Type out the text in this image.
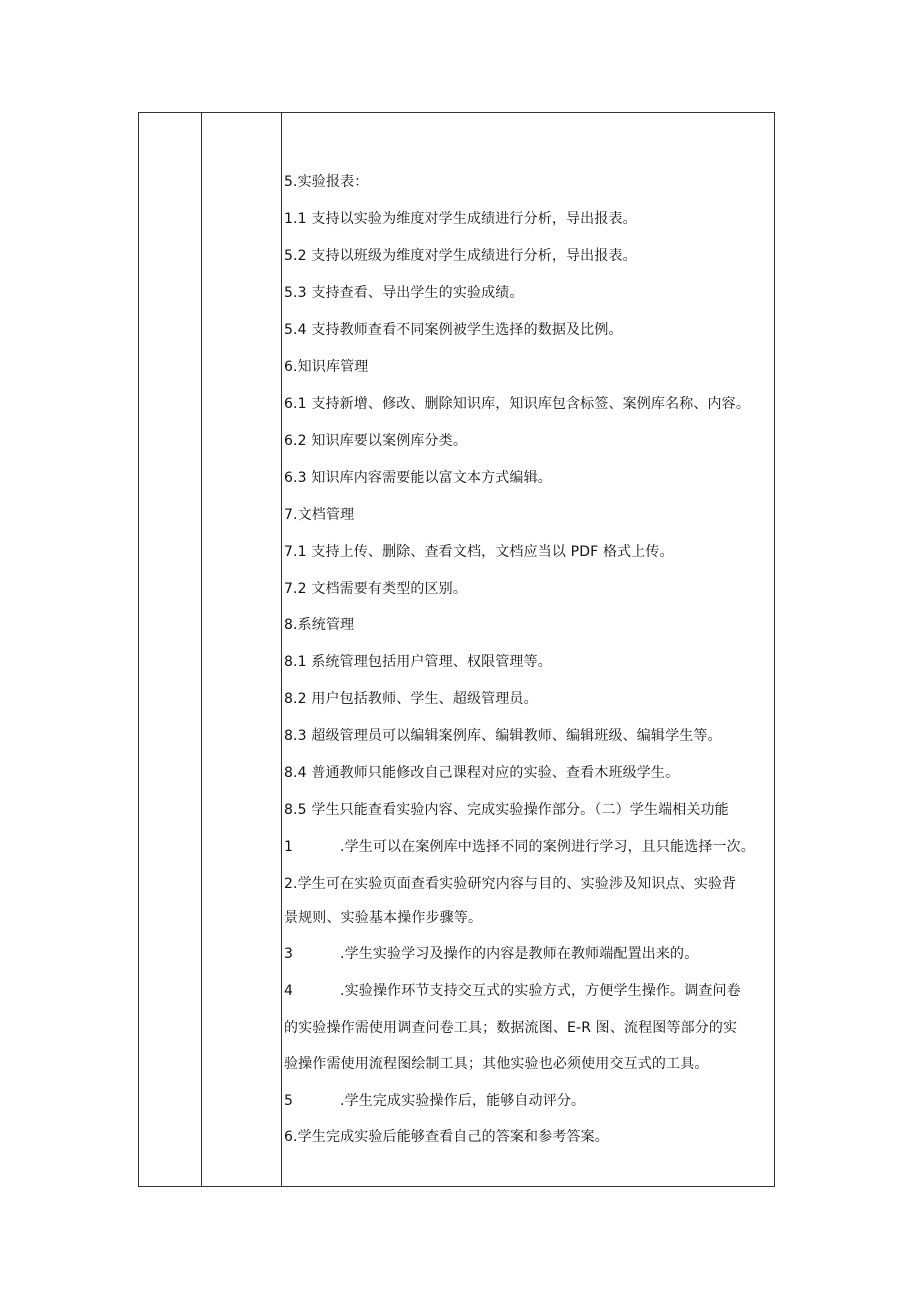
5.实验报表：
1.1 支持以实验为维度对学生成绩进行分析，导出报表。
5.2 支持以班级为维度对学生成绩进行分析，导出报表。
5.3 支持查看、导出学生的实验成绩。
5.4 支持教师查看不同案例被学生选择的数据及比例。
6.知识库管理
6.1 支持新增、修改、删除知识库，知识库包含标签、案例库名称、内容。
6.2 知识库要以案例库分类。
6.3 知识库内容需要能以富文本方式编辑。
7.文档管理
7.1 支持上传、删除、查看文档，文档应当以 PDF 格式上传。
7.2 文档需要有类型的区别。
8.系统管理
8.1 系统管理包括用户管理、权限管理等。
8.2 用户包括教师、学生、超级管理员。
8.3 超级管理员可以编辑案例库、编辑教师、编辑班级、编辑学生等。
8.4 普通教师只能修改自己课程对应的实验、查看木班级学生。
8.5 学生只能查看实验内容、完成实验操作部分。（二）学生端相关功能
1	.学生可以在案例库中选择不同的案例进行学习，且只能选择一次。
2.学生可在实验页面查看实验研究内容与目的、实验涉及知识点、实验背
景规则、实验基本操作步骤等。
3	.学生实验学习及操作的内容是教师在教师端配置出来的。
4	.实验操作环节支持交互式的实验方式，方便学生操作。调查问卷
的实验操作需使用调查问卷工具；数据流图、E-R 图、流程图等部分的实
验操作需使用流程图绘制工具；其他实验也必须使用交互式的工具。
5	.学生完成实验操作后，能够自动评分。
6.学生完成实验后能够查看自己的答案和参考答案。
